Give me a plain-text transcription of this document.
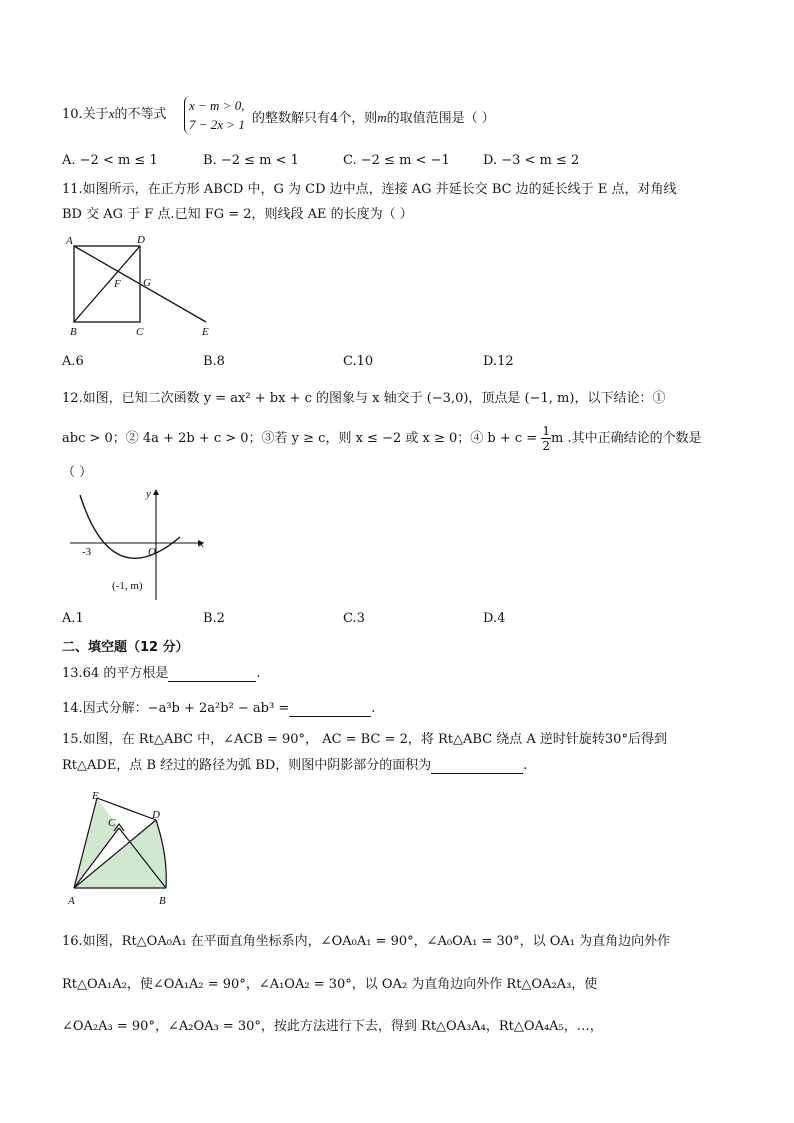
10.关于x的不等式
x − m > 0,
7 − 2x > 1 的整数解只有4个，则m的取值范围是（ ）
A. −2 < m ≤ 1	B. −2 ≤ m < 1	C. −2 ≤ m < −1	D. −3 < m ≤ 2
11.如图所示，在正方形 ABCD 中，G 为 CD 边中点，连接 AG 并延长交 BC 边的延长线于 E 点，对角线
BD 交 AG 于 F 点.已知 FG = 2，则线段 AE 的长度为（ ）
A	D
F G
B	C	E
A.6	B.8	C.10	D.12
12.如图，已知二次函数 y = ax² + bx + c 的图象与 x 轴交于 (−3,0)，顶点是 (−1, m)，以下结论：①
abc > 0；② 4a + 2b + c > 0；③若 y ≥ c，则 x ≤ −2 或 x ≥ 0；④ $b + c = \frac{1}{2}$ m .其中正确结论的个数是
（ ）
y
x
O
-3
(-1, m)
A.1	B.2	C.3	D.4
二、填空题（12 分）
13.64 的平方根是	.
14.因式分解：−a³b + 2a²b² − ab³ =	.
15.如图，在 Rt△ABC 中，∠ACB = 90°， AC = BC = 2，将 Rt△ABC 绕点 A 逆时针旋转30°后得到
Rt△ADE，点 B 经过的路径为弧 BD，则图中阴影部分的面积为	.
E
C
D
A	B
16.如图，Rt△OA₀A₁ 在平面直角坐标系内，∠OA₀A₁ = 90°，∠A₀OA₁ = 30°，以 OA₁ 为直角边向外作
Rt△OA₁A₂，使∠OA₁A₂ = 90°，∠A₁OA₂ = 30°，以 OA₂ 为直角边向外作 Rt△OA₂A₃，使
∠OA₂A₃ = 90°，∠A₂OA₃ = 30°，按此方法进行下去，得到 Rt△OA₃A₄，Rt△OA₄A₅，…，
